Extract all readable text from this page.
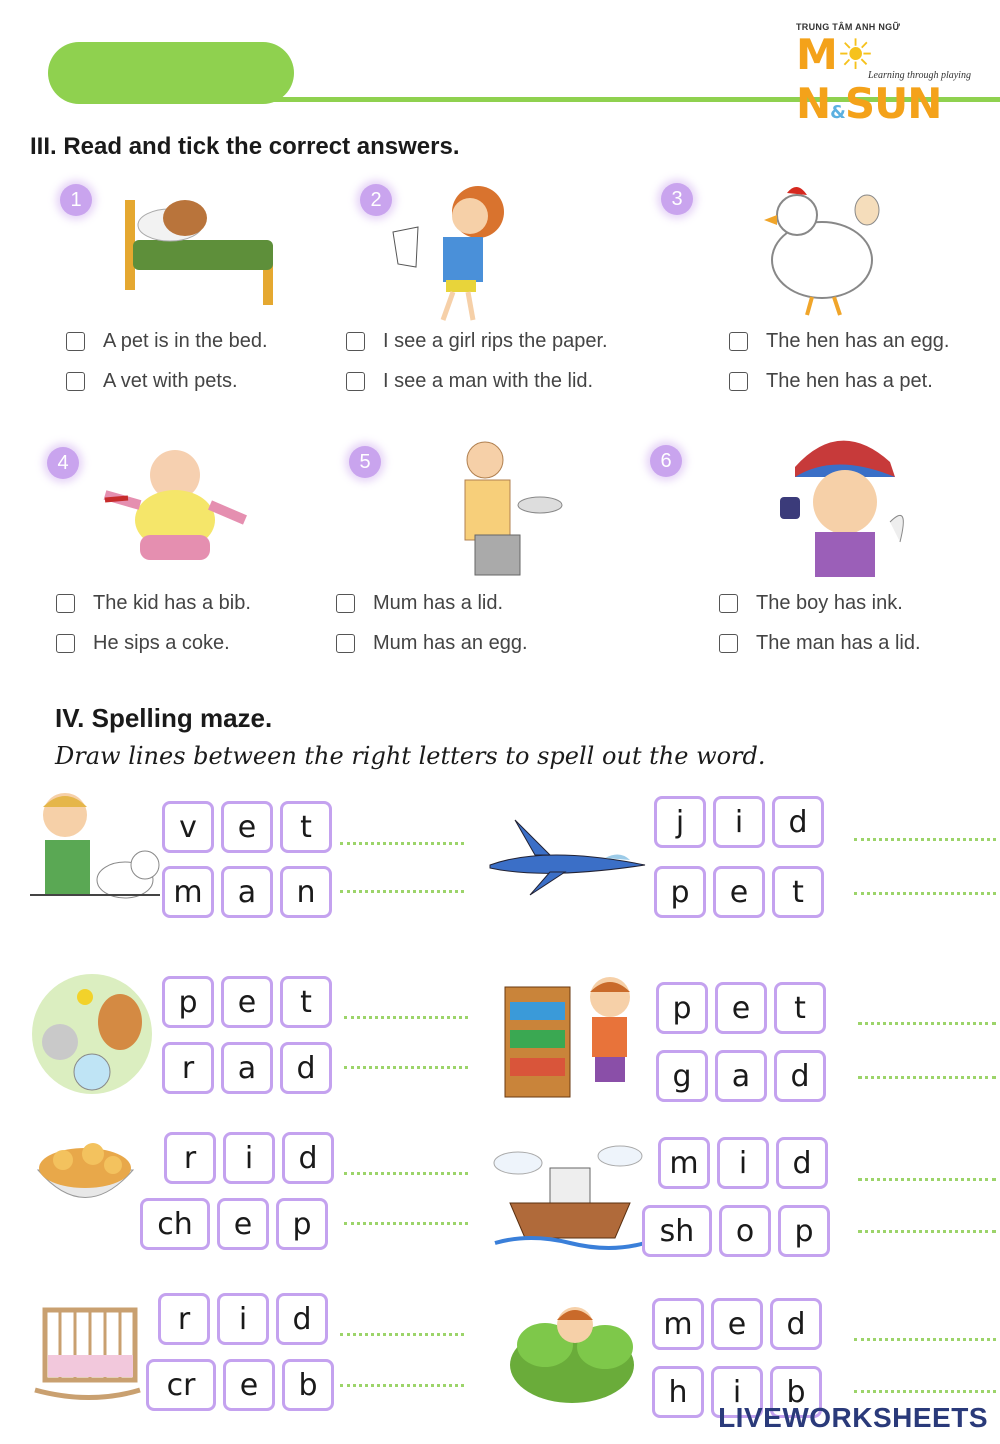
TRUNG TÂM ANH NGỮ
M☀N&SUN
Learning through playing
III. Read and tick the correct answers.
1	2	3
4	5	6
A pet is in the bed.
A vet with pets.
I see a girl rips the paper.
I see a man with the lid.
The hen has an egg.
The hen has a pet.
The kid has a bib.
He sips a coke.
Mum has a lid.
Mum has an egg.
The boy has ink.
The man has a lid.
IV. Spelling maze.
Draw lines between the right letters to spell out the word.
v	e	t
m	a	n
j	i	d
p	e	t
p	e	t
r	a	d
p	e	t
g	a	d
r	i	d
ch	e	p
m	i	d
sh	o	p
r	i	d
cr	e	b
m	e	d
h	i	b
LIVEWORKSHEETS
